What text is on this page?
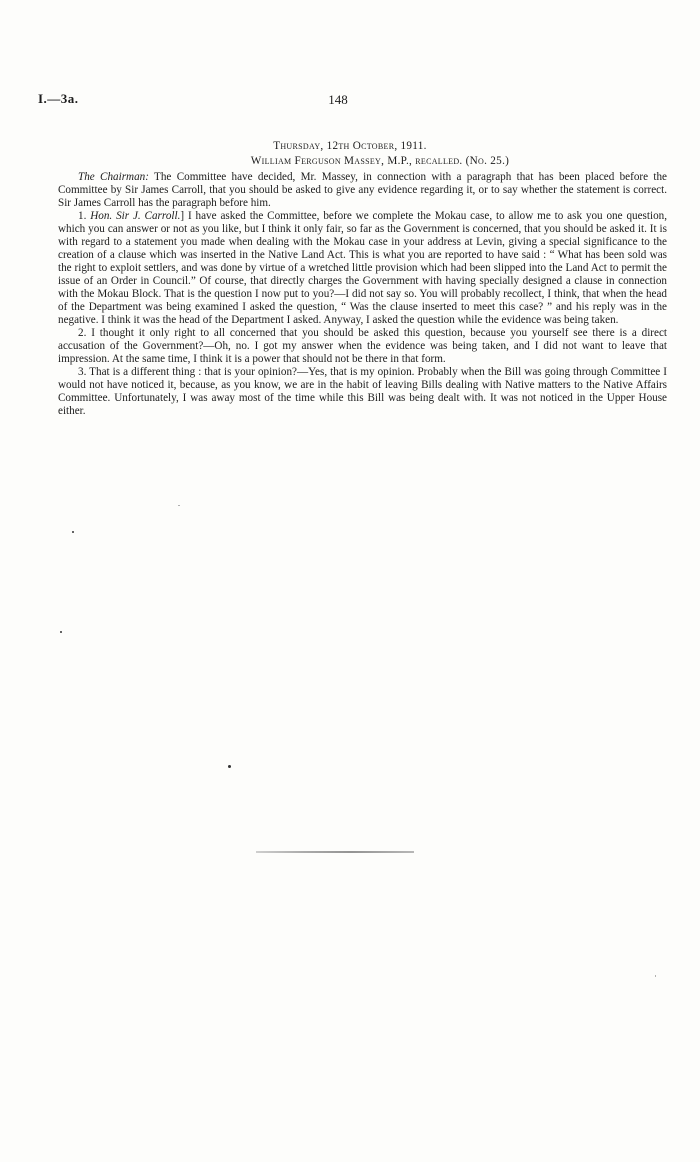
I.—3a.	148
Thursday, 12th October, 1911.
William Ferguson Massey, M.P., recalled. (No. 25.)

The Chairman: The Committee have decided, Mr. Massey, in connection with a paragraph that has been placed before the Committee by Sir James Carroll, that you should be asked to give any evidence regarding it, or to say whether the statement is correct. Sir James Carroll has the paragraph before him.

1. Hon. Sir J. Carroll.] I have asked the Committee, before we complete the Mokau case, to allow me to ask you one question, which you can answer or not as you like, but I think it only fair, so far as the Government is concerned, that you should be asked it. It is with regard to a statement you made when dealing with the Mokau case in your address at Levin, giving a special significance to the creation of a clause which was inserted in the Native Land Act. This is what you are reported to have said : “ What has been sold was the right to exploit settlers, and was done by virtue of a wretched little provision which had been slipped into the Land Act to permit the issue of an Order in Council.” Of course, that directly charges the Government with having specially designed a clause in connection with the Mokau Block. That is the question I now put to you?—I did not say so. You will probably recollect, I think, that when the head of the Department was being examined I asked the question, “ Was the clause inserted to meet this case? ” and his reply was in the negative. I think it was the head of the Department I asked. Anyway, I asked the question while the evidence was being taken.

2. I thought it only right to all concerned that you should be asked this question, because you yourself see there is a direct accusation of the Government?—Oh, no. I got my answer when the evidence was being taken, and I did not want to leave that impression. At the same time, I think it is a power that should not be there in that form.

3. That is a different thing : that is your opinion?—Yes, that is my opinion. Probably when the Bill was going through Committee I would not have noticed it, because, as you know, we are in the habit of leaving Bills dealing with Native matters to the Native Affairs Committee. Unfortunately, I was away most of the time while this Bill was being dealt with. It was not noticed in the Upper House either.
